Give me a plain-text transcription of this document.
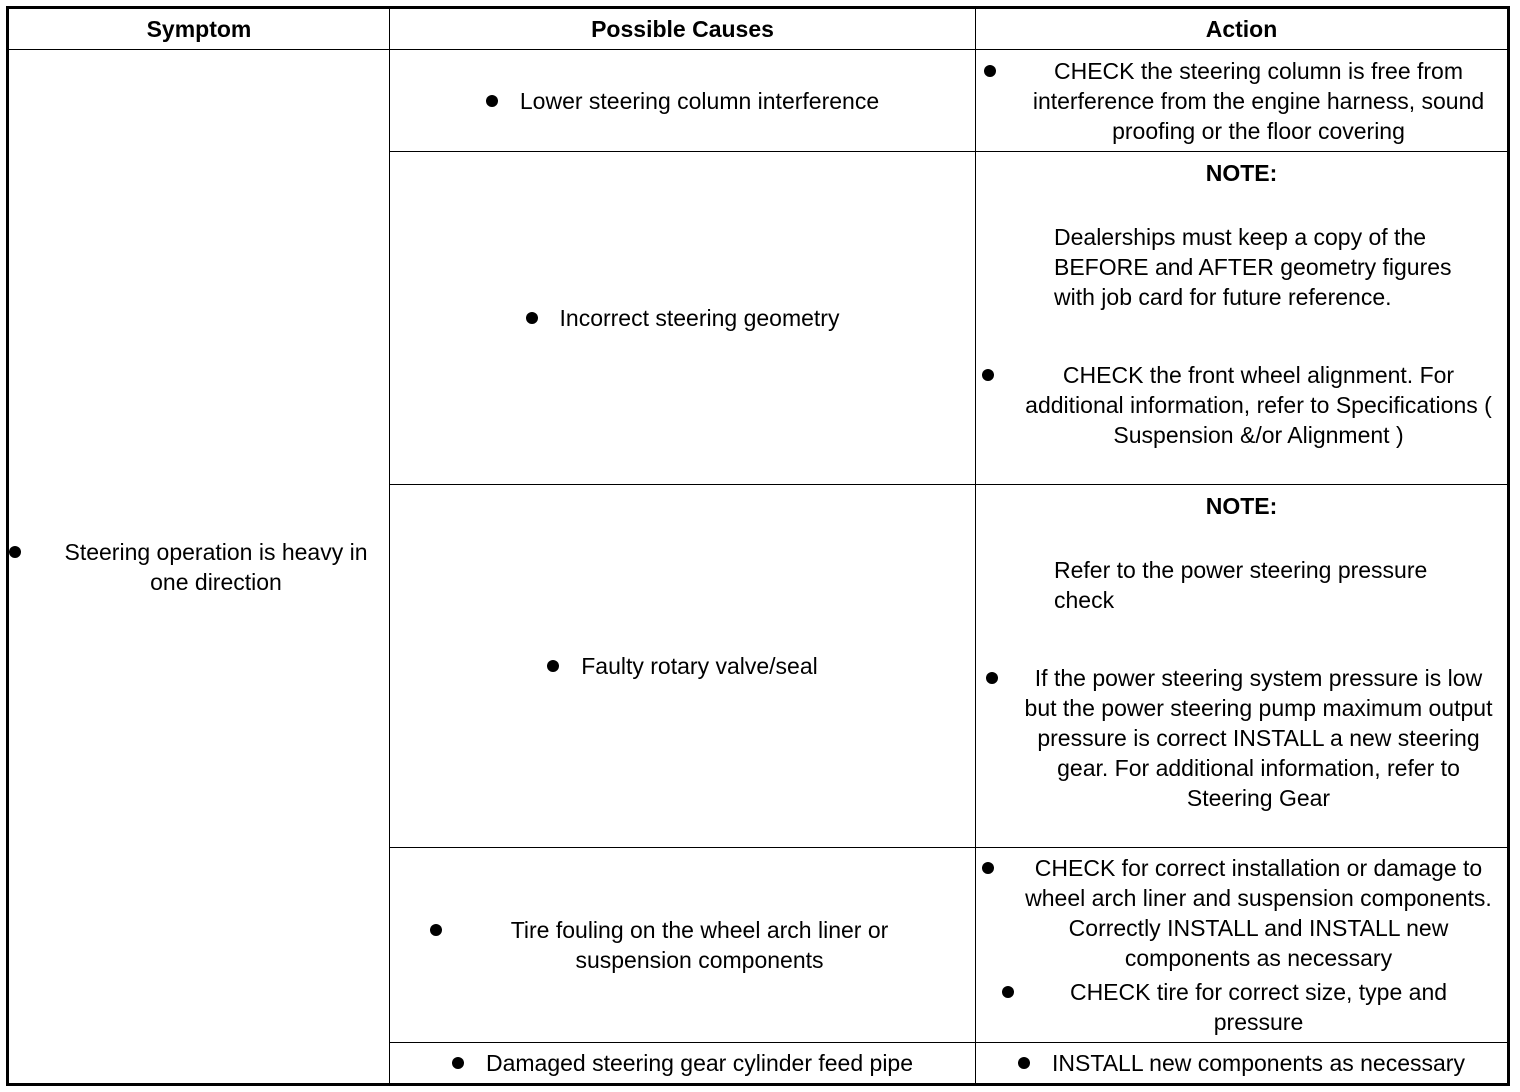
Symptom	Possible Causes	Action

Steering operation is heavy in one direction	Lower steering column interference	CHECK the steering column is free from interference from the engine harness, sound proofing or the floor covering

	Incorrect steering geometry	NOTE:
Dealerships must keep a copy of the BEFORE and AFTER geometry figures with job card for future reference.
CHECK the front wheel alignment. For additional information, refer to Specifications ( Suspension &/or Alignment )

	Faulty rotary valve/seal	NOTE:
Refer to the power steering pressure check
If the power steering system pressure is low but the power steering pump maximum output pressure is correct INSTALL a new steering gear. For additional information, refer to Steering Gear

	Tire fouling on the wheel arch liner or suspension components	CHECK for correct installation or damage to wheel arch liner and suspension components. Correctly INSTALL and INSTALL new components as necessary
CHECK tire for correct size, type and pressure

	Damaged steering gear cylinder feed pipe	INSTALL new components as necessary
